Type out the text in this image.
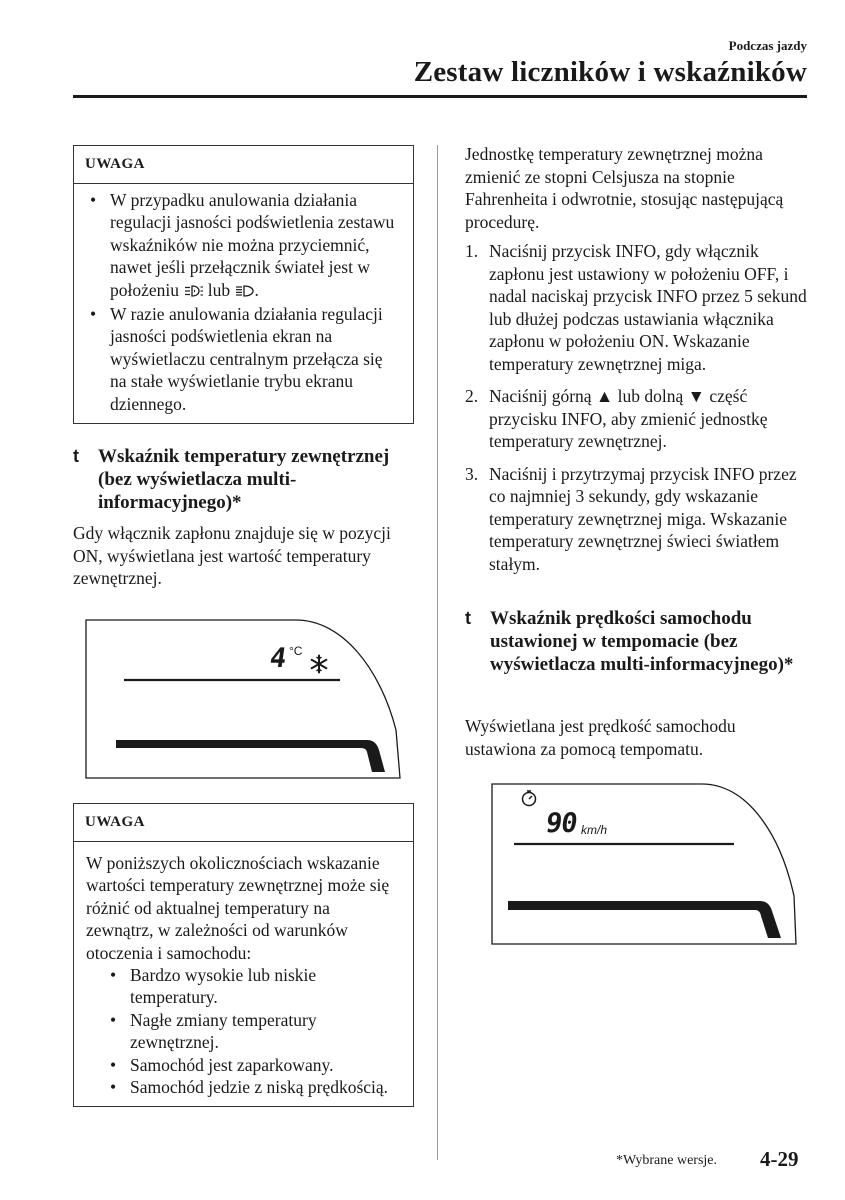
Podczas jazdy
Zestaw liczników i wskaźników
UWAGA
• W przypadku anulowania działania regulacji jasności podświetlenia zestawu wskaźników nie można przyciemnić, nawet jeśli przełącznik świateł jest w położeniu lub .
• W razie anulowania działania regulacji jasności podświetlenia ekran na wyświetlaczu centralnym przełącza się na stałe wyświetlanie trybu ekranu dziennego.
t	Wskaźnik temperatury zewnętrznej (bez wyświetlacza multi-informacyjnego)*
Gdy włącznik zapłonu znajduje się w pozycji ON, wyświetlana jest wartość temperatury zewnętrznej.
4 °C
UWAGA
W poniższych okolicznościach wskazanie wartości temperatury zewnętrznej może się różnić od aktualnej temperatury na zewnątrz, w zależności od warunków otoczenia i samochodu:
• Bardzo wysokie lub niskie temperatury.
• Nagłe zmiany temperatury zewnętrznej.
• Samochód jest zaparkowany.
• Samochód jedzie z niską prędkością.
Jednostkę temperatury zewnętrznej można zmienić ze stopni Celsjusza na stopnie Fahrenheita i odwrotnie, stosując następującą procedurę.
1. Naciśnij przycisk INFO, gdy włącznik zapłonu jest ustawiony w położeniu OFF, i nadal naciskaj przycisk INFO przez 5 sekund lub dłużej podczas ustawiania włącznika zapłonu w położeniu ON. Wskazanie temperatury zewnętrznej miga.
2. Naciśnij górną ▲ lub dolną ▼ część przycisku INFO, aby zmienić jednostkę temperatury zewnętrznej.
3. Naciśnij i przytrzymaj przycisk INFO przez co najmniej 3 sekundy, gdy wskazanie temperatury zewnętrznej miga. Wskazanie temperatury zewnętrznej świeci światłem stałym.
t	Wskaźnik prędkości samochodu ustawionej w tempomacie (bez wyświetlacza multi-informacyjnego)*
Wyświetlana jest prędkość samochodu ustawiona za pomocą tempomatu.
90 km/h
*Wybrane wersje. 4-29
